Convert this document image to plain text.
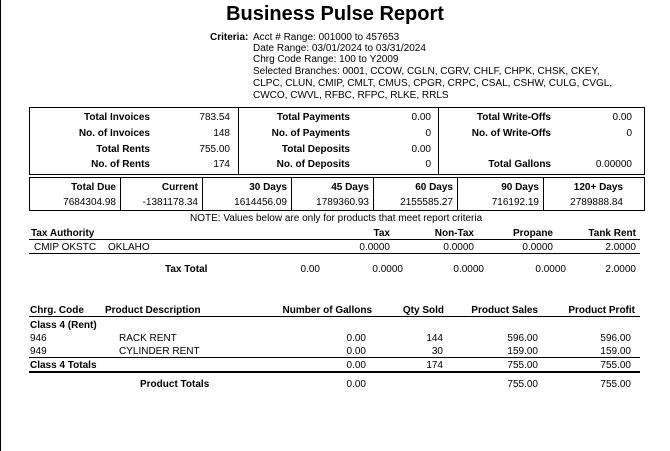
Business Pulse Report
Criteria: Acct # Range: 001000 to 457653
Date Range: 03/01/2024 to 03/31/2024
Chrg Code Range: 100 to Y2009
Selected Branches: 0001, CCOW, CGLN, CGRV, CHLF, CHPK, CHSK, CKEY,
CLPC, CLUN, CMIP, CMLT, CMUS, CPGR, CRPC, CSAL, CSHW, CULG, CVGL,
CWCO, CWVL, RFBC, RFPC, RLKE, RRLS
Total Invoices	783.54
No. of Invoices	148
Total Rents	755.00
No. of Rents	174
Total Payments	0.00
No. of Payments	0
Total Deposits	0.00
No. of Deposits	0
Total Write-Offs	0.00
No. of Write-Offs	0
Total Gallons	0.00000
Total Due	Current	30 Days	45 Days	60 Days	90 Days	120+ Days
7684304.98	-1381178.34	1614456.09	1789360.93	2155585.27	716192.19	2789888.84
NOTE: Values below are only for products that meet report criteria
Tax Authority	Tax	Non-Tax	Propane	Tank Rent
CMIP OKSTC OKLAHO	0.0000	0.0000	0.0000	2.0000
Tax Total	0.00	0.0000	0.0000	0.0000	2.0000
Chrg. Code Product Description	Number of Gallons	Qty Sold	Product Sales	Product Profit
Class 4 (Rent)
946	RACK RENT	0.00	144	596.00	596.00
949	CYLINDER RENT	0.00	30	159.00	159.00
Class 4 Totals	0.00	174	755.00	755.00
Product Totals	0.00	755.00	755.00
